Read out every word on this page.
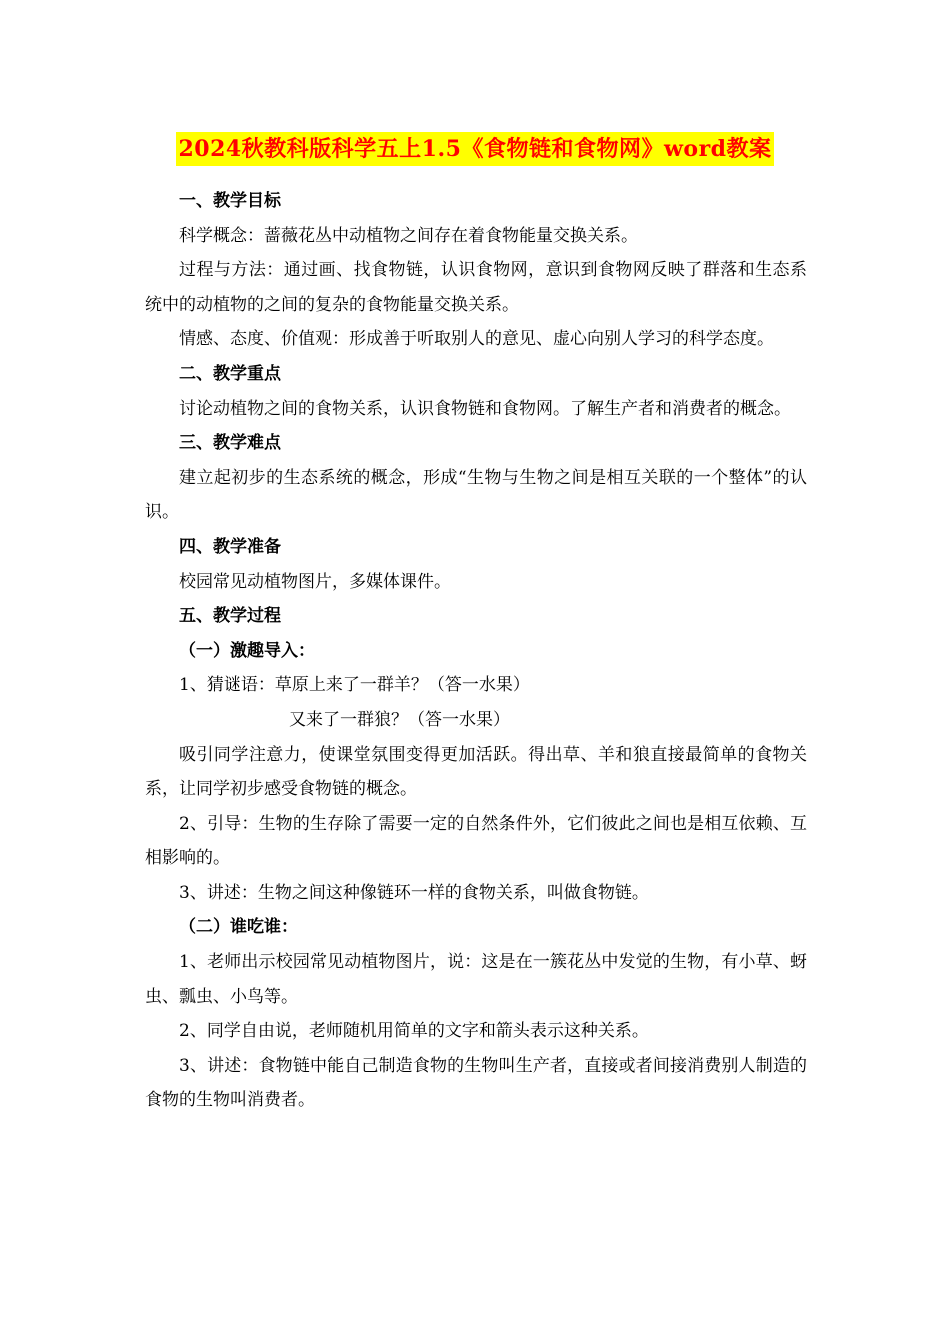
2024秋教科版科学五上1.5《食物链和食物网》word教案

一、教学目标

科学概念：蔷薇花丛中动植物之间存在着食物能量交换关系。

过程与方法：通过画、找食物链，认识食物网，意识到食物网反映了群落和生态系统中的动植物的之间的复杂的食物能量交换关系。

情感、态度、价值观：形成善于听取别人的意见、虚心向别人学习的科学态度。

二、教学重点

讨论动植物之间的食物关系，认识食物链和食物网。了解生产者和消费者的概念。

三、教学难点

建立起初步的生态系统的概念，形成“生物与生物之间是相互关联的一个整体”的认识。

四、教学准备

校园常见动植物图片，多媒体课件。

五、教学过程

（一）激趣导入：

1、猜谜语：草原上来了一群羊？（答一水果）

又来了一群狼？（答一水果）

吸引同学注意力，使课堂氛围变得更加活跃。得出草、羊和狼直接最简单的食物关系，让同学初步感受食物链的概念。

2、引导：生物的生存除了需要一定的自然条件外，它们彼此之间也是相互依赖、互相影响的。

3、讲述：生物之间这种像链环一样的食物关系，叫做食物链。

（二）谁吃谁：

1、老师出示校园常见动植物图片，说：这是在一簇花丛中发觉的生物，有小草、蚜虫、瓢虫、小鸟等。

2、同学自由说，老师随机用简单的文字和箭头表示这种关系。

3、讲述：食物链中能自己制造食物的生物叫生产者，直接或者间接消费别人制造的食物的生物叫消费者。
